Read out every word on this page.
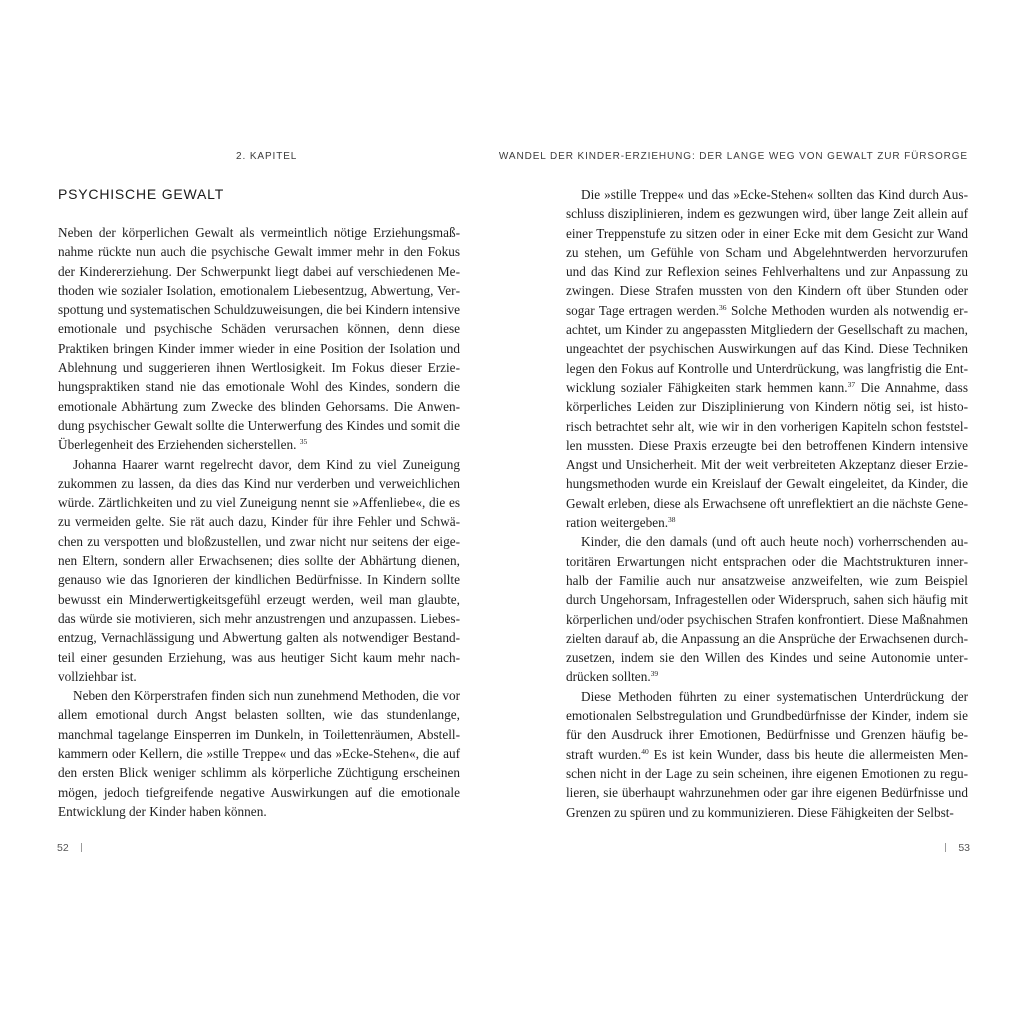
2. KAPITEL
PSYCHISCHE GEWALT

Neben der körperlichen Gewalt als vermeintlich nötige Erziehungsmaßnahme rückte nun auch die psychische Gewalt immer mehr in den Fokus der Kindererziehung. Der Schwerpunkt liegt dabei auf verschiedenen Methoden wie sozialer Isolation, emotionalem Liebesentzug, Abwertung, Verspottung und systematischen Schuldzuweisungen, die bei Kindern intensive emotionale und psychische Schäden verursachen können, denn diese Praktiken bringen Kinder immer wieder in eine Position der Isolation und Ablehnung und suggerieren ihnen Wertlosigkeit. Im Fokus dieser Erziehungspraktiken stand nie das emotionale Wohl des Kindes, sondern die emotionale Abhärtung zum Zwecke des blinden Gehorsams. Die Anwendung psychischer Gewalt sollte die Unterwerfung des Kindes und somit die Überlegenheit des Erziehenden sicherstellen. $^{35}$

Johanna Haarer warnt regelrecht davor, dem Kind zu viel Zuneigung zukommen zu lassen, da dies das Kind nur verderben und verweichlichen würde. Zärtlichkeiten und zu viel Zuneigung nennt sie »Affenliebe«, die es zu vermeiden gelte. Sie rät auch dazu, Kinder für ihre Fehler und Schwächen zu verspotten und bloßzustellen, und zwar nicht nur seitens der eigenen Eltern, sondern aller Erwachsenen; dies sollte der Abhärtung dienen, genauso wie das Ignorieren der kindlichen Bedürfnisse. In Kindern sollte bewusst ein Minderwertigkeitsgefühl erzeugt werden, weil man glaubte, das würde sie motivieren, sich mehr anzustrengen und anzupassen. Liebesentzug, Vernachlässigung und Abwertung galten als notwendiger Bestandteil einer gesunden Erziehung, was aus heutiger Sicht kaum mehr nachvollziehbar ist.

Neben den Körperstrafen finden sich nun zunehmend Methoden, die vor allem emotional durch Angst belasten sollten, wie das stundenlange, manchmal tagelange Einsperren im Dunkeln, in Toilettenräumen, Abstellkammern oder Kellern, die »stille Treppe« und das »Ecke-Stehen«, die auf den ersten Blick weniger schlimm als körperliche Züchtigung erscheinen mögen, jedoch tiefgreifende negative Auswirkungen auf die emotionale Entwicklung der Kinder haben können.

52
WANDEL DER KINDER-ERZIEHUNG: DER LANGE WEG VON GEWALT ZUR FÜRSORGE

Die »stille Treppe« und das »Ecke-Stehen« sollten das Kind durch Ausschluss disziplinieren, indem es gezwungen wird, über lange Zeit allein auf einer Treppenstufe zu sitzen oder in einer Ecke mit dem Gesicht zur Wand zu stehen, um Gefühle von Scham und Abgelehntwerden hervorzurufen und das Kind zur Reflexion seines Fehlverhaltens und zur Anpassung zu zwingen. Diese Strafen mussten von den Kindern oft über Stunden oder sogar Tage ertragen werden.$^{36}$ Solche Methoden wurden als notwendig erachtet, um Kinder zu angepassten Mitgliedern der Gesellschaft zu machen, ungeachtet der psychischen Auswirkungen auf das Kind. Diese Techniken legen den Fokus auf Kontrolle und Unterdrückung, was langfristig die Entwicklung sozialer Fähigkeiten stark hemmen kann.$^{37}$ Die Annahme, dass körperliches Leiden zur Disziplinierung von Kindern nötig sei, ist historisch betrachtet sehr alt, wie wir in den vorherigen Kapiteln schon feststellen mussten. Diese Praxis erzeugte bei den betroffenen Kindern intensive Angst und Unsicherheit. Mit der weit verbreiteten Akzeptanz dieser Erziehungsmethoden wurde ein Kreislauf der Gewalt eingeleitet, da Kinder, die Gewalt erleben, diese als Erwachsene oft unreflektiert an die nächste Generation weitergeben.$^{38}$

Kinder, die den damals (und oft auch heute noch) vorherrschenden autoritären Erwartungen nicht entsprachen oder die Machtstrukturen innerhalb der Familie auch nur ansatzweise anzweifelten, wie zum Beispiel durch Ungehorsam, Infragestellen oder Widerspruch, sahen sich häufig mit körperlichen und/oder psychischen Strafen konfrontiert. Diese Maßnahmen zielten darauf ab, die Anpassung an die Ansprüche der Erwachsenen durchzusetzen, indem sie den Willen des Kindes und seine Autonomie unterdrücken sollten.$^{39}$

Diese Methoden führten zu einer systematischen Unterdrückung der emotionalen Selbstregulation und Grundbedürfnisse der Kinder, indem sie für den Ausdruck ihrer Emotionen, Bedürfnisse und Grenzen häufig bestraft wurden.$^{40}$ Es ist kein Wunder, dass bis heute die allermeisten Menschen nicht in der Lage zu sein scheinen, ihre eigenen Emotionen zu regulieren, sie überhaupt wahrzunehmen oder gar ihre eigenen Bedürfnisse und Grenzen zu spüren und zu kommunizieren. Diese Fähigkeiten der Selbst-

53
